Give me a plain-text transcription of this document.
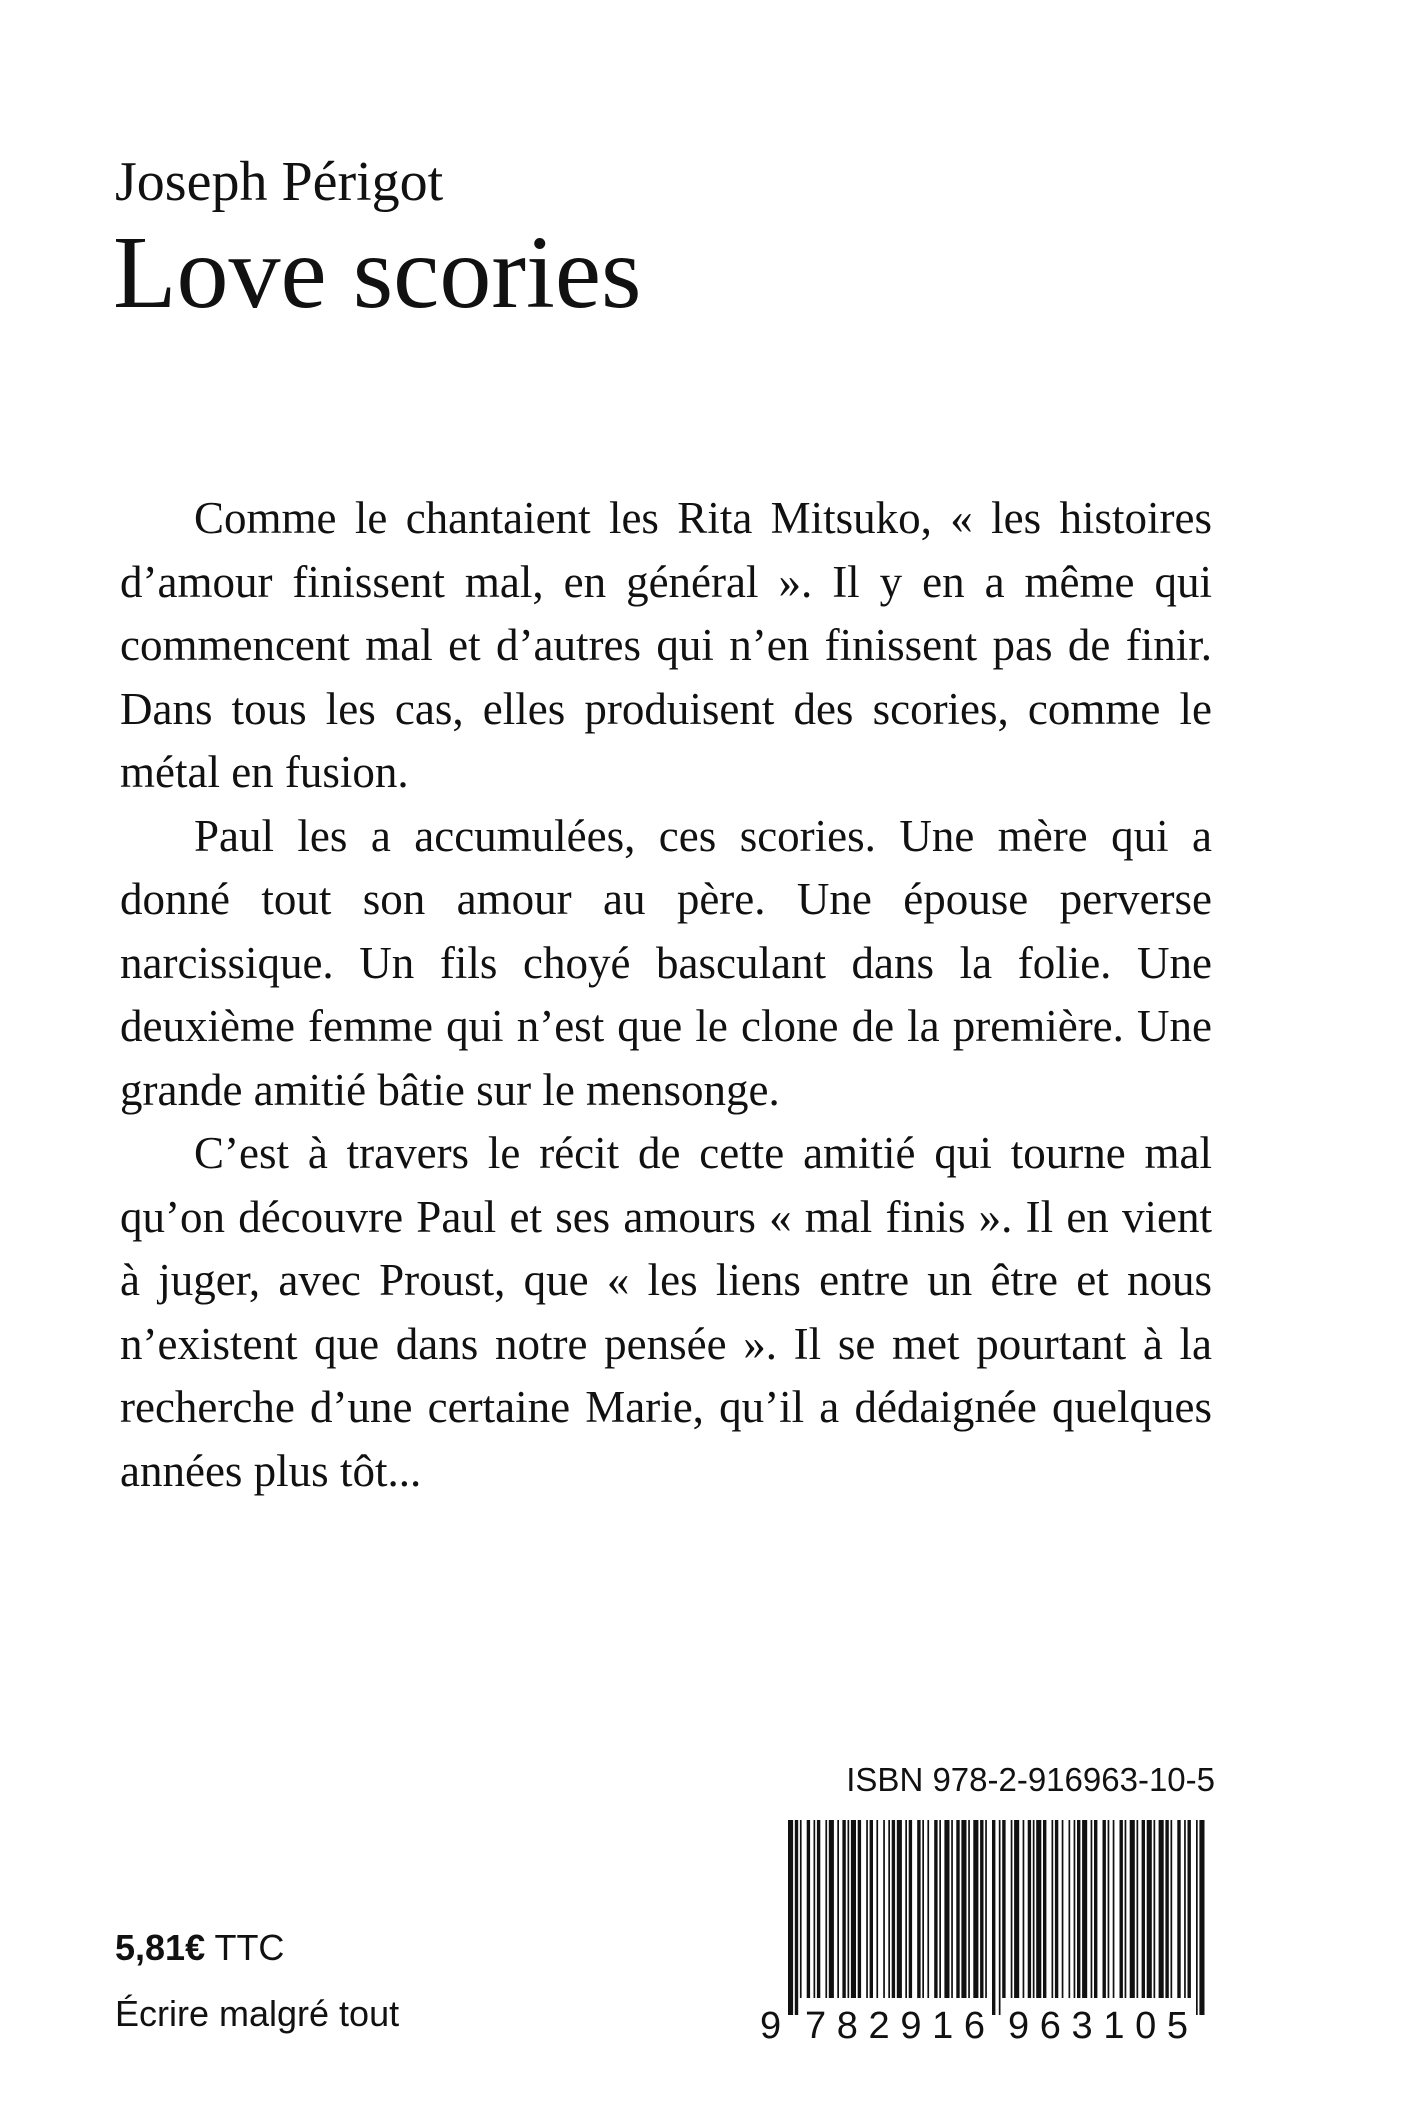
Joseph Périgot
Love scories

Comme le chantaient les Rita Mitsuko, « les histoires d’amour finissent mal, en général ». Il y en a même qui commencent mal et d’autres qui n’en finissent pas de finir. Dans tous les cas, elles produisent des scories, comme le métal en fusion.

Paul les a accumulées, ces scories. Une mère qui a donné tout son amour au père. Une épouse perverse narcissique. Un fils choyé basculant dans la folie. Une deuxième femme qui n’est que le clone de la première. Une grande amitié bâtie sur le mensonge.

C’est à travers le récit de cette amitié qui tourne mal qu’on découvre Paul et ses amours « mal finis ». Il en vient à juger, avec Proust, que « les liens entre un être et nous n’existent que dans notre pensée ». Il se met pourtant à la recherche d’une certaine Marie, qu’il a dédaignée quelques années plus tôt...

ISBN 978-2-916963-10-5
9 782916 963105
5,81€ TTC
Écrire malgré tout
